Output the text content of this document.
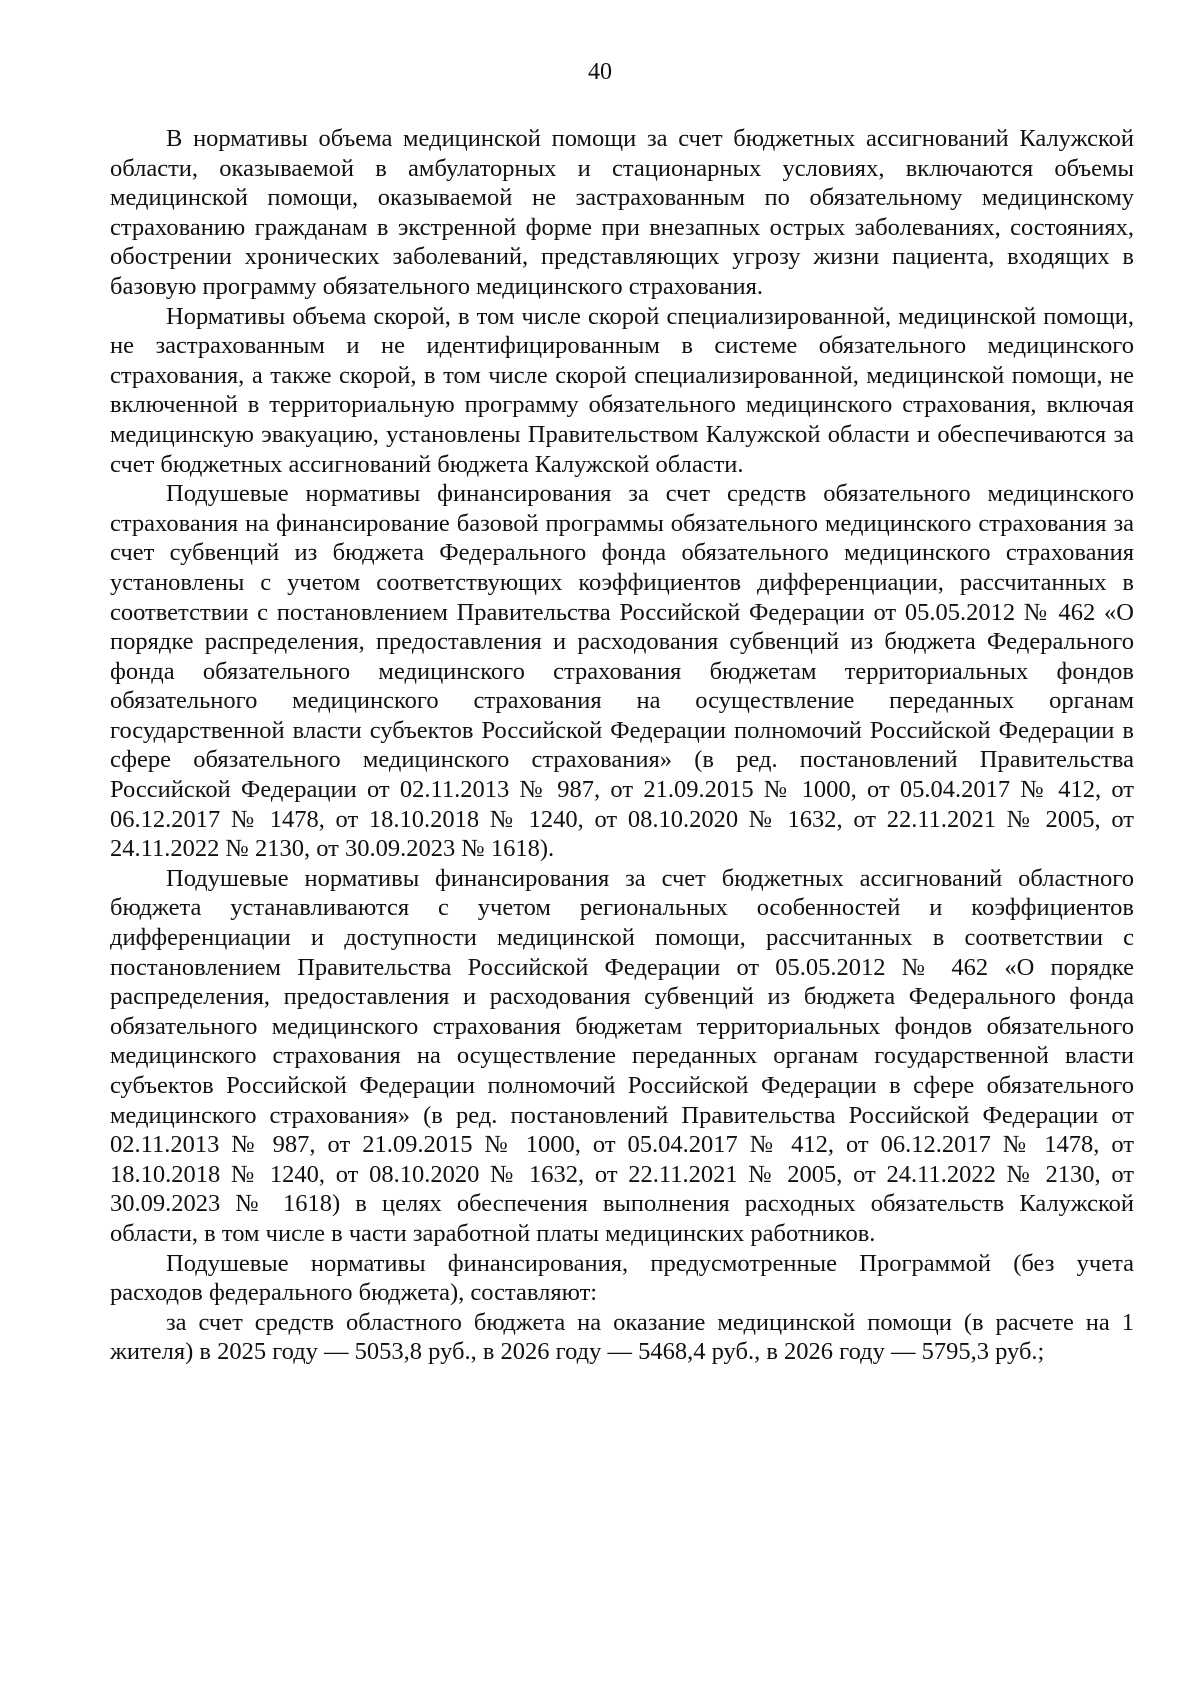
40

В нормативы объема медицинской помощи за счет бюджетных ассигнований Калужской области, оказываемой в амбулаторных и стационарных условиях, включаются объемы медицинской помощи, оказываемой не застрахованным по обязательному медицинскому страхованию гражданам в экстренной форме при внезапных острых заболеваниях, состояниях, обострении хронических заболеваний, представляющих угрозу жизни пациента, входящих в базовую программу обязательного медицинского страхования.

Нормативы объема скорой, в том числе скорой специализированной, медицинской помощи, не застрахованным и не идентифицированным в системе обязательного медицинского страхования, а также скорой, в том числе скорой специализированной, медицинской помощи, не включенной в территориальную программу обязательного медицинского страхования, включая медицинскую эвакуацию, установлены Правительством Калужской области и обеспечиваются за счет бюджетных ассигнований бюджета Калужской области.

Подушевые нормативы финансирования за счет средств обязательного медицинского страхования на финансирование базовой программы обязательного медицинского страхования за счет субвенций из бюджета Федерального фонда обязательного медицинского страхования установлены с учетом соответствующих коэффициентов дифференциации, рассчитанных в соответствии с постановлением Правительства Российской Федерации от 05.05.2012 № 462 «О порядке распределения, предоставления и расходования субвенций из бюджета Федерального фонда обязательного медицинского страхования бюджетам территориальных фондов обязательного медицинского страхования на осуществление переданных органам государственной власти субъектов Российской Федерации полномочий Российской Федерации в сфере обязательного медицинского страхования» (в ред. постановлений Правительства Российской Федерации от 02.11.2013 № 987, от 21.09.2015 № 1000, от 05.04.2017 № 412, от 06.12.2017 № 1478, от 18.10.2018 № 1240, от 08.10.2020 № 1632, от 22.11.2021 № 2005, от 24.11.2022 № 2130, от 30.09.2023 № 1618).

Подушевые нормативы финансирования за счет бюджетных ассигнований областного бюджета устанавливаются с учетом региональных особенностей и коэффициентов дифференциации и доступности медицинской помощи, рассчитанных в соответствии с постановлением Правительства Российской Федерации от 05.05.2012 № 462 «О порядке распределения, предоставления и расходования субвенций из бюджета Федерального фонда обязательного медицинского страхования бюджетам территориальных фондов обязательного медицинского страхования на осуществление переданных органам государственной власти субъектов Российской Федерации полномочий Российской Федерации в сфере обязательного медицинского страхования» (в ред. постановлений Правительства Российской Федерации от 02.11.2013 № 987, от 21.09.2015 № 1000, от 05.04.2017 № 412, от 06.12.2017 № 1478, от 18.10.2018 № 1240, от 08.10.2020 № 1632, от 22.11.2021 № 2005, от 24.11.2022 № 2130, от 30.09.2023 № 1618) в целях обеспечения выполнения расходных обязательств Калужской области, в том числе в части заработной платы медицинских работников.

Подушевые нормативы финансирования, предусмотренные Программой (без учета расходов федерального бюджета), составляют:

за счет средств областного бюджета на оказание медицинской помощи (в расчете на 1 жителя) в 2025 году — 5053,8 руб., в 2026 году — 5468,4 руб., в 2026 году — 5795,3 руб.;
